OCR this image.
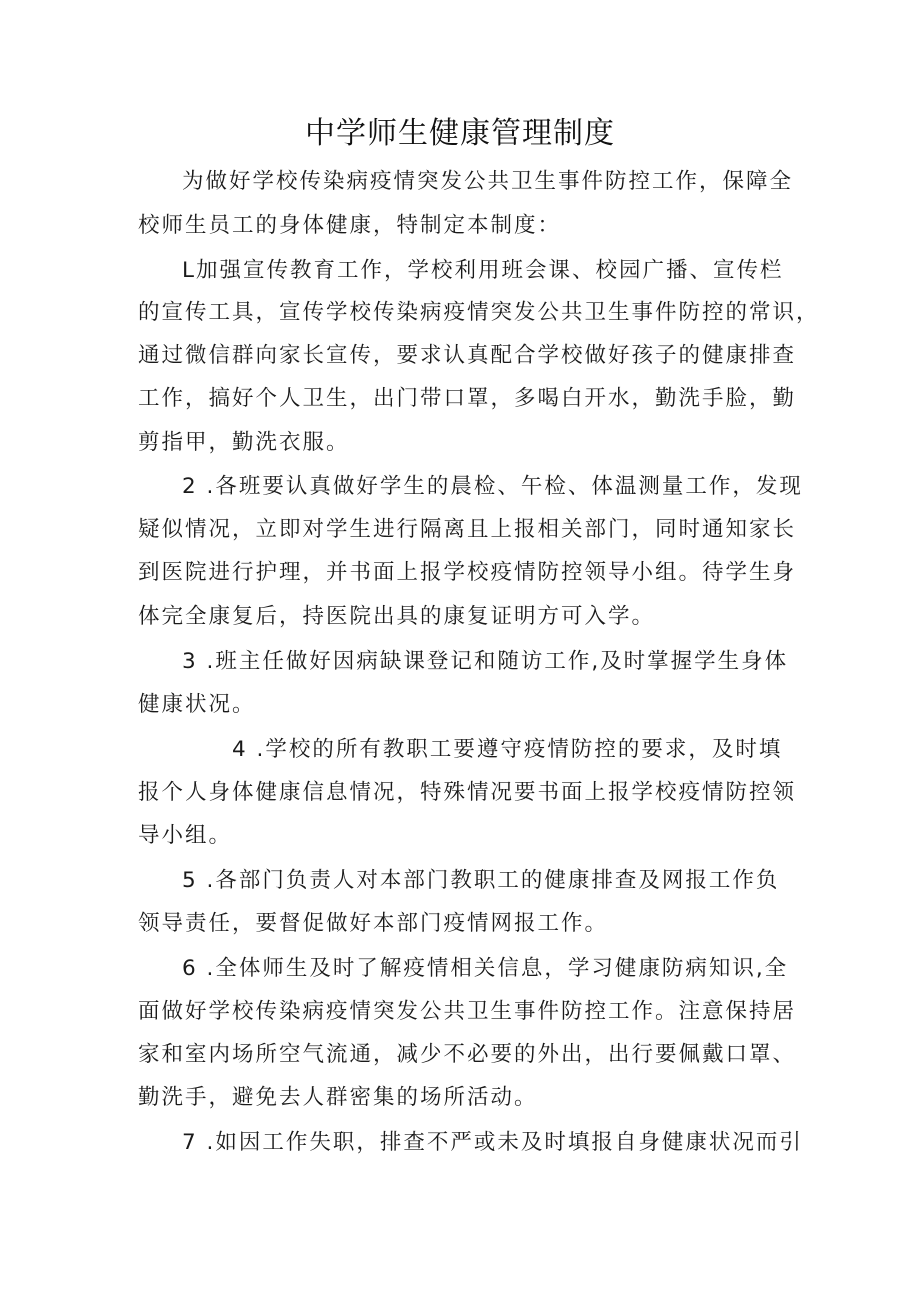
中学师生健康管理制度
为做好学校传染病疫情突发公共卫生事件防控工作，保障全
校师生员工的身体健康，特制定本制度：
L加强宣传教育工作，学校利用班会课、校园广播、宣传栏
的宣传工具，宣传学校传染病疫情突发公共卫生事件防控的常识，
通过微信群向家长宣传，要求认真配合学校做好孩子的健康排查
工作，搞好个人卫生，出门带口罩，多喝白开水，勤洗手脸，勤
剪指甲，勤洗衣服。
2 .各班要认真做好学生的晨检、午检、体温测量工作，发现
疑似情况，立即对学生进行隔离且上报相关部门，同时通知家长
到医院进行护理，并书面上报学校疫情防控领导小组。待学生身
体完全康复后，持医院出具的康复证明方可入学。
3 .班主任做好因病缺课登记和随访工作,及时掌握学生身体
健康状况。
4 .学校的所有教职工要遵守疫情防控的要求，及时填
报个人身体健康信息情况，特殊情况要书面上报学校疫情防控领
导小组。
5 .各部门负责人对本部门教职工的健康排查及网报工作负
领导责任，要督促做好本部门疫情网报工作。
6 .全体师生及时了解疫情相关信息，学习健康防病知识,全
面做好学校传染病疫情突发公共卫生事件防控工作。注意保持居
家和室内场所空气流通，减少不必要的外出，出行要佩戴口罩、
勤洗手，避免去人群密集的场所活动。
7 .如因工作失职，排查不严或未及时填报自身健康状况而引
